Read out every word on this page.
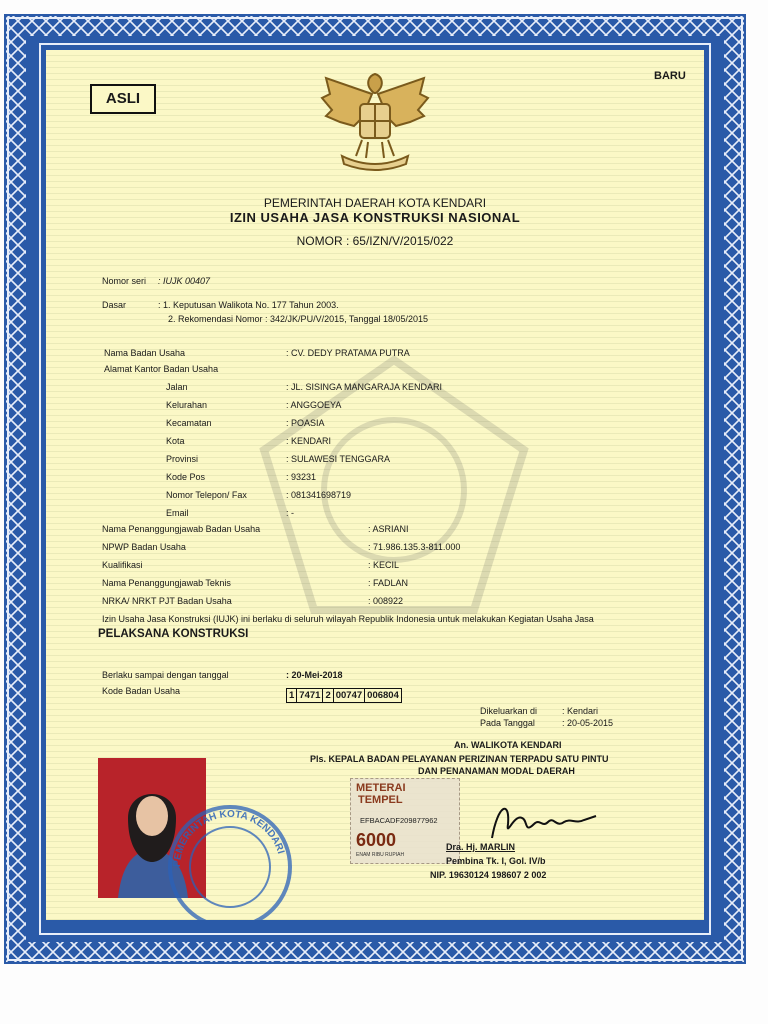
ASLI
BARU
PEMERINTAH DAERAH KOTA KENDARI
IZIN USAHA JASA KONSTRUKSI NASIONAL
NOMOR : 65/IZN/V/2015/022
Nomor seri : IUJK 00407
Dasar	: 1. Keputusan Walikota No. 177 Tahun 2003.
2. Rekomendasi Nomor : 342/JK/PU/V/2015, Tanggal 18/05/2015
Nama Badan Usaha	: CV. DEDY PRATAMA PUTRA
Alamat Kantor Badan Usaha
Jalan	: JL. SISINGA MANGARAJA KENDARI
Kelurahan	: ANGGOEYA
Kecamatan	: POASIA
Kota	: KENDARI
Provinsi	: SULAWESI TENGGARA
Kode Pos	: 93231
Nomor Telepon/ Fax	: 081341698719
Email	: -
Nama Penanggungjawab Badan Usaha	: ASRIANI
NPWP Badan Usaha	: 71.986.135.3-811.000
Kualifikasi	: KECIL
Nama Penanggungjawab Teknis	: FADLAN
NRKA/ NRKT PJT Badan Usaha	: 008922
Izin Usaha Jasa Konstruksi (IUJK) ini berlaku di seluruh wilayah Republik Indonesia untuk melakukan Kegiatan Usaha Jasa
PELAKSANA KONSTRUKSI
Berlaku sampai dengan tanggal	: 20-Mei-2018
Kode Badan Usaha	1 7471 2 00747 006804
Dikeluarkan di	: Kendari
Pada Tanggal	: 20-05-2015
An. WALIKOTA KENDARI
Pls. KEPALA BADAN PELAYANAN PERIZINAN TERPADU SATU PINTU
DAN PENANAMAN MODAL DAERAH
PEMERINTAH KOTA KENDARI
METERAI
TEMPEL
EFBACADF209877962
6000
ENAM RIBU RUPIAH
Dra. Hj. MARLIN
Pembina Tk. I, Gol. IV/b
NIP. 19630124 198607 2 002
